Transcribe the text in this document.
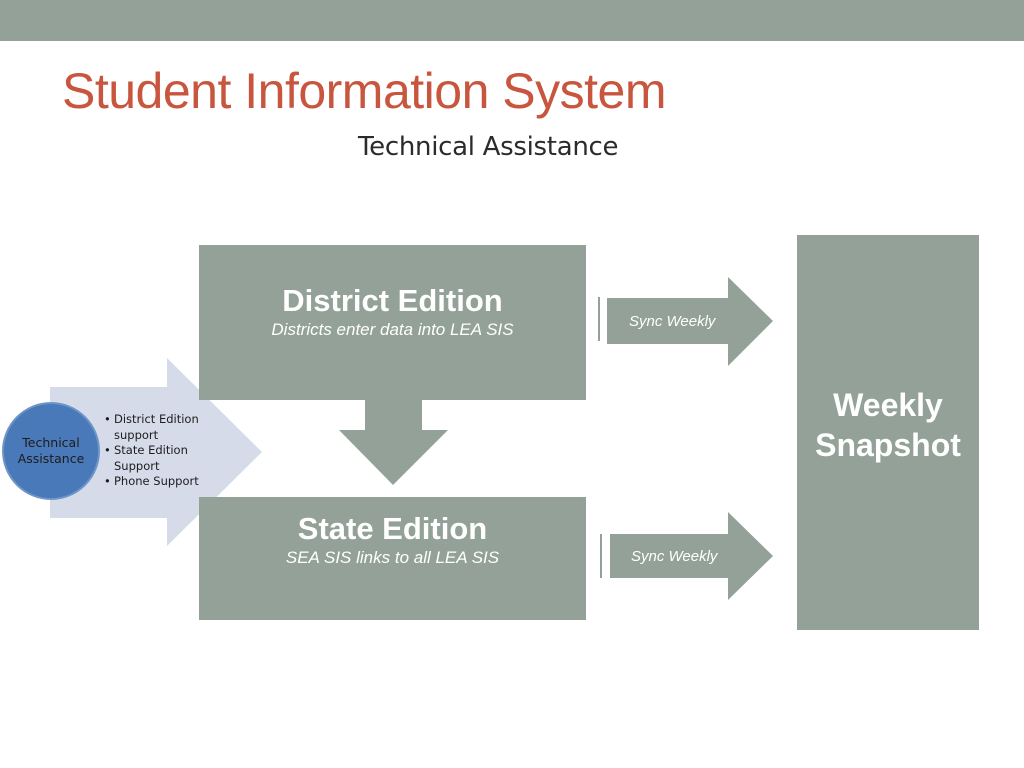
Student Information System
Technical Assistance
District Edition
Districts enter data into LEA SIS
State Edition
SEA SIS links to all LEA SIS
Weekly
Snapshot
Sync Weekly
Sync Weekly
Technical
Assistance
• District Edition
support
• State Edition
Support
• Phone Support
